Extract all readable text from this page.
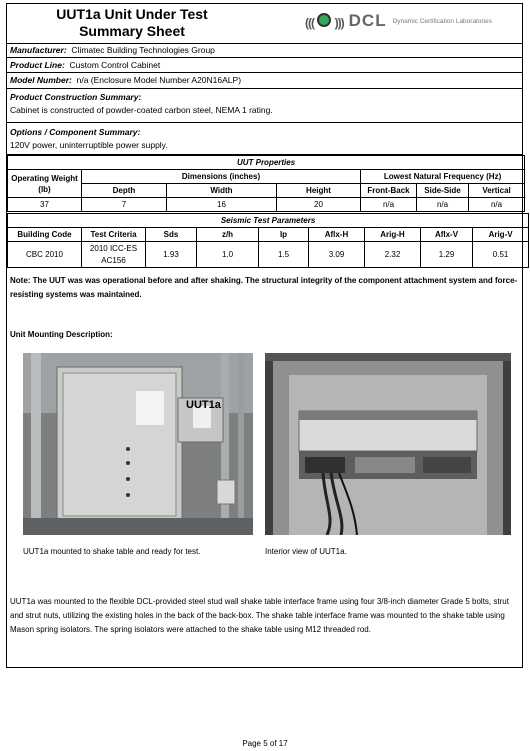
UUT1a Unit Under Test
Summary Sheet
(((  ))) DCL Dynamic Certification Laboratories
Manufacturer: Climatec Building Technologies Group
Product Line: Custom Control Cabinet
Model Number: n/a (Enclosure Model Number A20N16ALP)
Product Construction Summary:
Cabinet is constructed of powder-coated carbon steel, NEMA 1 rating.
Options / Component Summary:
120V power, uninterruptible power supply.
UUT Properties						
Operating Weight (lb)	Dimensions (inches)			Lowest Natural Frequency (Hz)		
	Depth	Width	Height	Front-Back	Side-Side	Vertical
37	7	16	20	n/a	n/a	n/a
Seismic Test Parameters								
Building Code	Test Criteria	Sds	z/h	Ip	Aflx-H	Arig-H	Aflx-V	Arig-V
CBC 2010	2010 ICC-ES AC156	1.93	1.0	1.5	3.09	2.32	1.29	0.51
Note: The UUT was was operational before and after shaking. The structural integrity of the component attachment system and force-resisting systems was maintained.
Unit Mounting Description:
UUT1a
UUT1a mounted to shake table and ready for test.	Interior view of UUT1a.
UUT1a was mounted to the flexible DCL-provided steel stud wall shake table interface frame using four 3/8-inch diameter Grade 5 bolts, strut and strut nuts, utilizing the existing holes in the back of the back-box. The shake table interface frame was mounted to the shake table using Mason spring isolators. The spring isolators were attached to the shake table using M12 threaded rod.
Page 5 of 17
